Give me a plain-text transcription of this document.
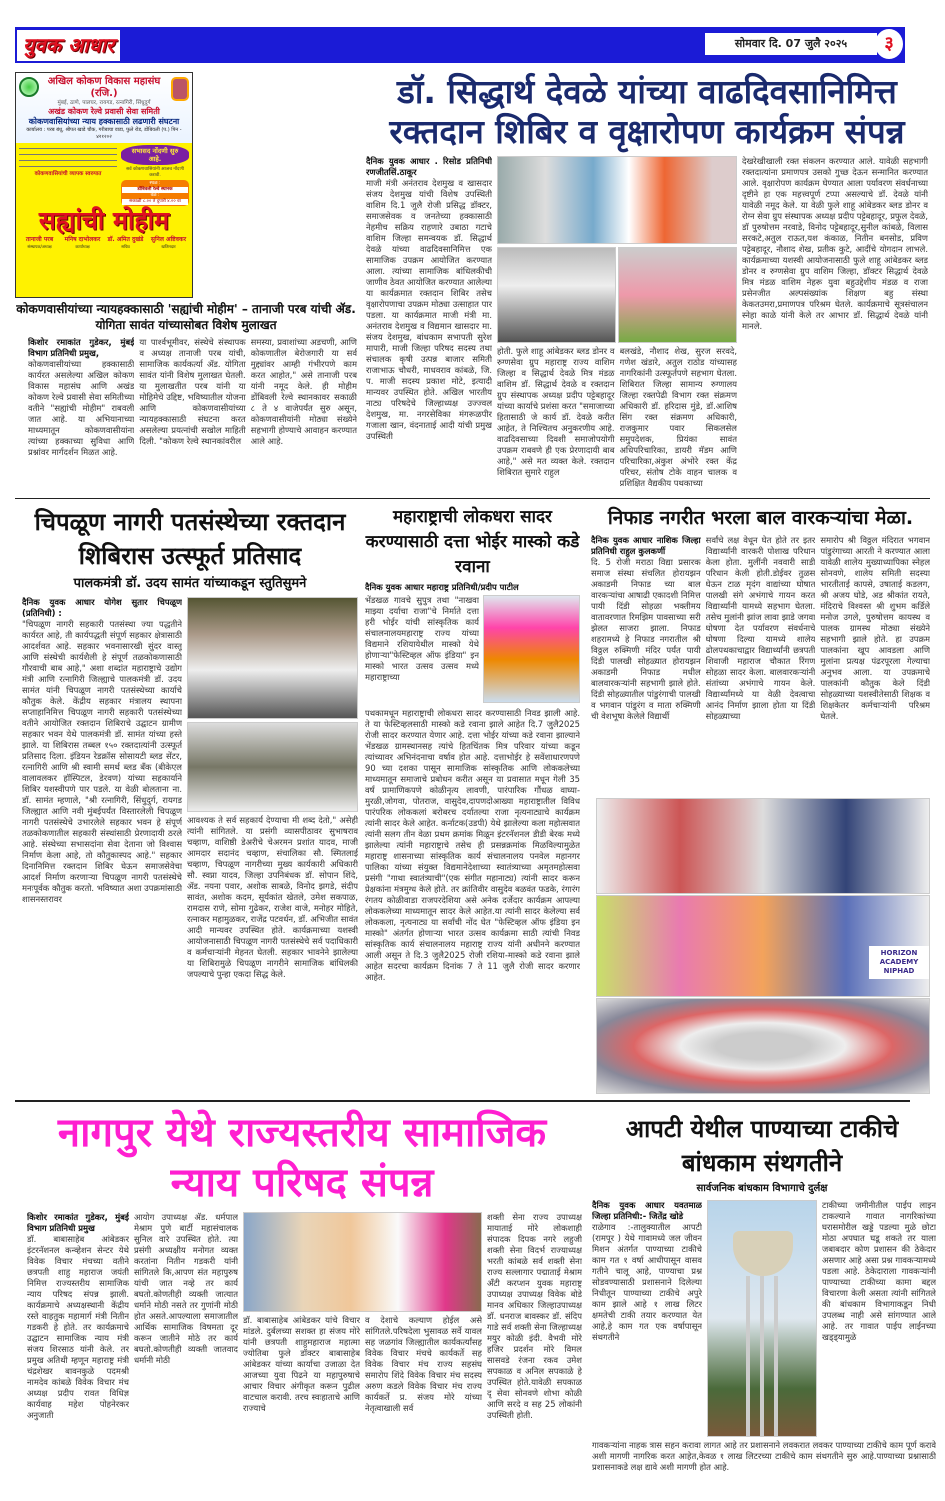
युवक आधार	सोमवार दि. 07 जुलै २०२५	३
अखिल कोकण विकास महासंघ (रजि.)
मुंबई, ठाणे, पालघर, रायगड, रत्नागिरी, सिंधुदुर्ग
अखंड कोकण रेल्वे प्रवासी सेवा समिती
कोकणवासियांच्या न्याय हक्कासाठी लढणारी संघटना
कार्यालय : परब बंधू, श्रीपत खाडे चौक, गरीबाचा वाडा, फुले रोड, डोंबिवली (प.) पिन - ४२१२०२
कोकणवासियांची व्यापक स्वरुपात
सभासद नोंदणी सुरु आहे.
सर्व कोकणवासियांनी आजच नोंदणी करावी.
स्थळ :
डोंबिवली रेल्वे स्थानक
वेळ :
सकाळी ८.०० ते दुपारी ४.०० वा
सह्यांची मोहीम
तानाजी परब
संस्थापक/अध्यक्ष
मनिष दाभोलकर
कार्याध्यक्ष
डॉ. अमित दुखंडे
सचिव
सुनिल अष्टिवकर
खजिनदार
कोकणवासीयांच्या न्यायहक्कासाठी 'सह्यांची मोहीम' – तानाजी परब यांची ॲड. योगिता सावंत यांच्यासोबत विशेष मुलाखत
किशोर रमाकांत गुडेकर, मुंबई विभाग प्रतिनिधी प्रमुख,
कोकणवासीयांच्या हक्कासाठी कार्यरत असलेल्या अखिल कोकण विकास महासंघ आणि अखंड कोकण रेल्वे प्रवासी सेवा समितीच्या वतीने "सह्यांची मोहीम" राबवली जात आहे. या अभियानाच्या माध्यमातून कोकणवासीयांना त्यांच्या हक्काच्या सुविधा आणि प्रश्नांवर मार्गदर्शन मिळत आहे.
या पार्श्वभूमीवर, संस्थेचे संस्थापक व अध्यक्ष तानाजी परब यांची, सामाजिक कार्यकर्त्या ॲड. योगिता सावंत यांनी विशेष मुलाखत घेतली. या मुलाखतीत परब यांनी या मोहिमेचे उद्दिष्ट, भविष्यातील योजना आणि कोकणवासीयांच्या न्यायहक्कासाठी संघटना करत असलेल्या प्रयत्नांची सखोल माहिती दिली. "कोकण रेल्वे स्थानकांवरील
समस्या, प्रवाशांच्या अडचणी, आणि कोकणातील बेरोजगारी या सर्व मुद्द्यांवर आम्ही गंभीरपणे काम करत आहोत," असे तानाजी परब यांनी नमूद केले. ही मोहीम डोंबिवली रेल्वे स्थानकावर सकाळी ८ ते ४ वाजेपर्यंत सुरु असून, कोकणवासीयांनी मोठ्या संख्येने सहभागी होण्याचे आवाहन करण्यात आले आहे.
डॉ. सिद्धार्थ देवळे यांच्या वाढदिवसानिमित्त रक्तदान शिबिर व वृक्षारोपण कार्यक्रम संपन्न
दैनिक युवक आधार . रिसोड प्रतिनिधी रणजीतसिं.ठाकूर
माजी मंत्री अनंतराव देशमुख व खासदार संजय देशमुख यांची विशेष उपस्थिती वाशिम दि.1 जुलै रोजी प्रसिद्ध डॉक्टर, समाजसेवक व जनतेच्या हक्कासाठी नेहमीच सक्रिय राहणारे उबाठा गटाचे वाशिम जिल्हा समन्वयक डॉ. सिद्धार्थ देवळे यांच्या वाढदिवसानिमित्त एक सामाजिक उपक्रम आयोजित करण्यात आला. त्यांच्या सामाजिक बांधिलकीची जाणीव ठेवत आयोजित करण्यात आलेल्या या कार्यक्रमात रक्तदान शिबिर तसेच वृक्षारोपणाचा उपक्रम मोठ्या उत्साहात पार पडला. या कार्यक्रमात माजी मंत्री मा. अनंतराव देशमुख व विद्यमान खासदार मा. संजय देशमुख, बांधकाम सभापती सुरेश मापारी, माजी जिल्हा परिषद सदस्य तथा संचालक कृषी उत्पन्न बाजार समिती राजाभाऊ चौधरी, माधवराव कांबळे, जि. प. माजी सदस्य प्रकाश मोटे, इत्यादी मान्यवर उपस्थित होते. अखिल भारतीय नाट्य परिषदेचे जिल्हाध्यक्ष उज्ज्वल देशमुख, मा. नगरसेविका मंगरूळपीर गजाला खान, वंदनाताई आदी यांची प्रमुख उपस्थिती
होती. फुले शाहू आंबेडकर ब्लड डोनर व रुग्णसेवा ग्रुप महाराष्ट्र राज्य वाशिम जिल्हा व सिद्धार्थ देवळे मित्र मंडळ वाशिम डॉ. सिद्धार्थ देवळे व रक्तदान ग्रुप संस्थापक अध्यक्ष प्रदीप पट्टेबहादूर यांच्या कार्याचे प्रशंसा करत "समाजाच्या हितासाठी जे कार्य डॉ. देवळे करीत आहेत, ते निश्चितच अनुकरणीय आहे. वाढदिवसाच्या दिवशी समाजोपयोगी उपक्रम राबवणे ही एक प्रेरणादायी बाब आहे," असे मत व्यक्त केले. रक्तदान शिबिरात सुमारे राहुल
बलखंडे, नौशाद शेख, सुरज सरवदे, गणेश खंडारे, अतुल राठोड यांच्यासह नागरिकांनी उत्स्फूर्तपणे सहभाग घेतला. शिबिरात जिल्हा सामान्य रुग्णालय जिल्हा रक्तपेढी विभाग रक्त संक्रमण अधिकारी डॉ. हरिदास मुंडे, डॉ.आशिष सिंग रक्त संक्रमण अधिकारी, राजकुमार पवार सिकलसेल समुपदेशक, प्रियंका सावंत अधिपरिचारिका, डायरी मॅडम आणि परिचारिका,अंकुश अंभोरे रक्त केंद्र परिचर, संतोष टोके वाहन चालक व प्रशिक्षित वैद्यकीय पथकाच्या
देखरेखीखाली रक्त संकलन करण्यात आले. यावेळी सहभागी रक्तदात्यांना प्रमाणपत्र उसको गुच्छ देऊन सन्मानित करण्यात आले. वृक्षारोपण कार्यक्रम घेण्यात आला पर्यावरण संवर्धनाच्या दृष्टीने हा एक महत्त्वपूर्ण टप्पा असल्याचे डॉ. देवळे यांनी यावेळी नमूद केले. या वेळी फुले शाहू आंबेडकर ब्लड डोनर व रोग्न सेवा ग्रुप संस्थापक अध्यक्ष प्रदीप पट्टेबहादूर, प्रफुल देवळे, डॉ पुरुषोत्तम नरवाडे, विनोद पट्टेबहादूर,सुनील कांबळे, विलास सरकटे,अतुल राऊत,यश कंकाळ, नितीन बनसोड, प्रविण पट्टेबहादूर, नौशाद शेख, प्रतीक कुटे, आदींचे योगदान लाभले. कार्यक्रमाच्या यशस्वी आयोजनासाठी फुले शाहू आंबेडकर ब्लड डोनर व रुग्णसेवा ग्रुप वाशिम जिल्हा, डॉक्टर सिद्धार्थ देवळे मित्र मंडळ वाशिम नेहरू युवा बहुउद्देशीय मंडळ व राजा प्रसेनजीत अल्पसंख्यांक शिक्षण बहु संस्था केकतउमरा,प्रमाणपत्र परिश्रम घेतले. कार्यक्रमाचे सूत्रसंचालन स्नेहा काळे यांनी केले तर आभार डॉ. सिद्धार्थ देवळे यांनी मानले.
चिपळूण नागरी पतसंस्थेच्या रक्तदान शिबिरास उत्स्फूर्त प्रतिसाद
पालकमंत्री डॉ. उदय सामंत यांच्याकडून स्तुतिसुमने
दैनिक युवक आधार योगेश सुतार चिपळूण (प्रतिनिधी) :
"चिपळूण नागरी सहकारी पतसंस्था ज्या पद्धतीने कार्यरत आहे, ती कार्यपद्धती संपूर्ण सहकार क्षेत्रासाठी आदर्शवत आहे. सहकार भवनासारखी सुंदर वास्तू आणि संस्थेची कार्यशैली हे संपूर्ण तळकोकणासाठी गौरवाची बाब आहे," अशा शब्दांत महाराष्ट्राचे उद्योग मंत्री आणि रत्नागिरी जिल्ह्याचे पालकमंत्री डॉ. उदय सामंत यांनी चिपळूण नागरी पतसंस्थेच्या कार्याचे कौतुक केले. केंद्रीय सहकार मंत्रालय स्थापना सप्ताहानिमित्त चिपळूण नागरी सहकारी पतसंस्थेच्या वतीने आयोजित रक्तदान शिबिराचे उद्घाटन ग्रामीण सहकार भवन येथे पालकमंत्री डॉ. सामंत यांच्या हस्ते झाले. या शिबिरास तब्बल १५० रक्तदात्यांनी उत्स्फूर्त प्रतिसाद दिला. इंडियन रेडक्रॉस सोसायटी ब्लड सेंटर, रत्नागिरी आणि श्री स्वामी समर्थ ब्लड बँक (बीकेएल वालावलकर हॉस्पिटल, डेरवण) यांच्या सहकार्याने शिबिर यशस्वीपणे पार पडले. या वेळी बोलताना ना. डॉ. सामंत म्हणाले, "श्री रत्नागिरी, सिंधुदुर्ग, रायगड जिल्ह्यात आणि नवी मुंबईपर्यंत विस्तारलेली चिपळूण नागरी पतसंस्थेचे उभारलेले सहकार भवन हे संपूर्ण तळकोकणातील सहकारी संस्थांसाठी प्रेरणादायी ठरले आहे. संस्थेच्या सभासदांना सेवा देताना जो विश्वास निर्माण केला आहे, तो कौतुकास्पद आहे." सहकार दिनानिमित्त रक्तदान शिबिर घेऊन समाजसेवेचा आदर्श निर्माण करणाऱ्या चिपळूण नागरी पतसंस्थेचे मनःपूर्वक कौतुक करतो. भविष्यात अशा उपक्रमांसाठी शासनस्तरावर
आवश्यक ते सर्व सहकार्य देण्याचा मी शब्द देतो," असेही त्यांनी सांगितले. या प्रसंगी व्यासपीठावर सुभाषराव चव्हाण, वाशिष्ठी डेअरीचे चेअरमन प्रशांत यादव, माजी आमदार सदानंद चव्हाण, संचालिका सौ. स्मितलाई चव्हाण, चिपळूण नागरीच्या मुख्य कार्यकारी अधिकारी सौ. स्वप्ना यादव, जिल्हा उपनिबंधक डॉ. सोपान शिंदे, ॲड. नयना पवार, अशोक साबळे, विनोद झगडे, संदीप सावंत, अशोक कदम, सूर्यकांत खेतले, उमेश सकपाळ, रामदास राणे, सोमा गुढेकर, राजेश वाजे, मनोहर मोहिते, रत्नाकर महामुळकर, राजेंद्र पटवर्धन, डॉ. अभिजीत सावंत आदी मान्यवर उपस्थित होते. कार्यक्रमाच्या यशस्वी आयोजनासाठी चिपळूण नागरी पतसंस्थेचे सर्व पदाधिकारी व कर्मचाऱ्यांनी मेहनत घेतली. सहकार भावनेने झालेल्या या शिबिरामुळे चिपळूण नागरीने सामाजिक बांधिलकी जपल्याचे पुन्हा एकदा सिद्ध केले.
महाराष्ट्राची लोकधरा सादर करण्यासाठी दत्ता भोईर मास्को कडे रवाना
दैनिक युवक आधार महाराष्ट्र प्रतिनिधी/प्रदीप पाटील
भेंडखळ गावचे सुपुत्र तथा "नाखवा माझ्या दर्याचा राजा"चे निर्माते दत्ता हरी भोईर यांची सांस्कृतिक कार्य संचालनालयमहाराष्ट्र राज्य यांच्या विद्यमाने रशियायेथील मास्को येथे होणाऱ्या"फेस्टिव्हल ऑफ इंडिया" इन मास्को भारत उत्सव उत्सव मध्ये महाराष्ट्राच्या
पथकामधून महाराष्ट्राची लोकधरा सादर करण्यासाठी निवड झाली आहे. ते या फेस्टिव्हलसाठी मास्को कडे रवाना झाले आहेत दि.7 जुलै2025 रोजी सादर करण्यात येणार आहे. दत्ता भोईर यांच्या कडे रवाना झाल्याने भेंडखळ ग्रामस्थानसह त्यांचे हितचिंतक मित्र परिवार यांच्या कडून त्यांच्यावर अभिनंदनाचा वर्षाव होत आहे. दत्ताभोईर हे सवेंशाधारणपणे 90 च्या दशका पासून सामाजिक सांस्कृतिक आणि लोककलेच्या माध्यमातून समाजाचे प्रबोधन करीत असून या प्रवासात मधून गेली 35 वर्षं प्रामाणिकपणे कोळीनृत्य लावणी, पारंपारिक गौंधळ वाघ्या-मुरळी,जोगवा, पोतराज, वासुदेव,दापणदोआख्या महाराष्ट्रातील विविध पारंपरिक लोककलां बरोबरच दर्यातल्या राजा नृत्यनाट्याचे कार्यक्रम त्यांनी सादर केले आहेत. कर्नाटक(उडपी) येथे झालेल्या कला महोत्सवात त्यांनी सलग तीन वेळा प्रथम क्रमांक मिळून इंटरनॅशनल डीडी बेरक मध्ये झालेल्या त्यांनी महाराष्ट्राचे तसेच ही प्रसन्नक्रमांक मिळविल्यामुळेत महाराष्ट्र शासनाच्या सांस्कृतिक कार्य संचालनालय पनवेल महानगर पालिका यांच्या संयुक्त विद्यमानेदेशाच्या स्वातंत्र्याच्या अमृतमहोत्सवा प्रसंगी "गाथा स्वातंत्र्याची"(एक संगीत महानाट्य) त्यांनी सादर करून प्रेक्षकांना मंत्रमुग्ध केले होते. तर क्रांतिवीर वासुदेव बळवंत फडके, रंगारंग रंगतय कोळीवाडा राजपरदेशिया असे अनेक दर्जेदार कार्यक्रम आपल्या लोककलेच्या माध्यमातून सादर केले आहेत.या त्यांनी सादर केलेल्या सर्व लोककला, नृत्यनाट्य या सर्वांची नोंद घेत "फेस्टिव्हल ऑफ इंडिया इन मास्को" अंतर्गत होणाऱ्या भारत उत्सव कार्यक्रमा साठी त्यांची निवड सांस्कृतिक कार्य संचालनालय महाराष्ट्र राज्य यांनी अधीनने करण्यात आली असून ते दि.3 जुलै2025 रोजी रशिया-मास्को कडे रवाना झाले आहेत सदरचा कार्यक्रम दिनांक 7 ते 11 जुलै रोजी सादर करणार आहेत.
निफाड नगरीत भरला बाल वारकऱ्यांचा मेळा.
दैनिक युवक आधार नाशिक जिल्हा प्रतिनिधी राहुल कुलकर्णी
दि. 5 रोजी मराठा विद्या प्रसारक समाज संस्था संचलित होरायझन अकाडमी निफाड च्या बाल वारकऱ्यांचा आषाढी एकादशी निमित्त पायी दिंडी सोहळा भक्तीमय वातावरणात रिमझिम पावसाच्या सरी झेलत साजरा झाला. निफाड शहरामध्ये हे निफाड नगरातील श्री विठ्ठल रुक्मिणी मंदिर पर्यंत पायी दिंडी पालखी सोहळ्यात होरायझन अकाडमी निफाड मधील बालवारकऱ्यांनी सहभागी झाले होते. दिंडी सोहळ्यातील पांडुरंगाची पालखी व भगवान पांडुरंग व माता रुक्मिणी ची वेशभूषा केलेले विद्यार्थी
सर्वांचे लक्ष वेधून घेत होते तर इतर विद्यार्थ्यांनी वारकरी पोशाख परिधान केला होता. मुलींनी नववारी साडी परिधान केली होती.डोईवर तुळस घेऊन टाळ मृदंग वाद्यांच्या घोषात पालखी संगे अभंगाचे गायन करत विद्यार्थ्यांनी यामध्ये सहभाग घेतला. तसेच मुलांनी झांज लावा झाडे जगवा घोषणा देत पर्यावरण संवर्धनाचे घोषणा दिल्या यामध्ये शालेय ढोलपथकाचाद्वार विद्यार्थ्यांनी छत्रपती शिवाजी महाराज चौकात रिंगण सोहळा सादर केला. बालवारकऱ्यांनी संतांच्या अभंगाचे गायन केले. विद्यार्थ्यांमध्ये या वेळी देवत्वाचा आनंद निर्माण झाला होता या दिंडी सोहळ्याच्या
समारोप श्री विठ्ठल मंदिरात भगवान पांडुरंगाच्या आरती ने करण्यात आला यावेळी शालेय मुख्याध्यापिका स्नेहल सोनवणे, शालेय समिती सदस्या भारतीताई कापसे, उषाताई कडलग, श्री अजय घोडे, अड श्रीकांत रायते, मंदिराचे विश्वस्त श्री शुभम कर्डिले मनोज उगले, पुरुषोत्तम कायस्थ व पालक ग्रामस्थ मोठ्या संख्येने सहभागी झाले होते. हा उपक्रम पालकांना खूप आवडला आणि मुलांना प्रत्यक्ष पंढरपूरला गेल्याचा अनुभव आला. या उपक्रमाचे पालकांनी कौतुक केले दिंडी सोहळ्याच्या यशस्वीतेसाठी शिक्षक व शिक्षकेतर कर्मचाऱ्यांनी परिश्रम घेतले.
HORIZON ACADEMY NIPHAD
नागपुर येथे राज्यस्तरीय सामाजिक न्याय परिषद संपन्न
किशोर रमाकांत गुडेकर, मुंबई विभाग प्रतिनिधी प्रमुख
डॉ. बाबासाहेब आंबेडकर इंटरनॅशनल कन्व्हेशन सेन्टर येथे विवेक विचार मंचच्या वतीने छत्रपती शाहु महाराज जयंती निमित्त राज्यस्तरीय सामाजिक न्याय परिषद संपन्न झाली. कार्यक्रमाचे अध्यक्षस्थानी केंद्रीय रस्ते वाहतुक महामार्ग मंत्री नितीन गडकरी हे होते. तर कार्यक्रमाचे उद्घाटन सामाजिक न्याय मंत्री संजय शिरसाठ यांनी केले. तर प्रमुख अतिथी म्हणून महाराष्ट्र मंत्री चंद्रशेखर बावनकुळे पदमश्री नामदेव कांबळे विवेक विचार मंच अध्यक्ष प्रदीप रावत विधिज्ञ कार्यवाह महेश पोहनेरकर अनुजाती
आयोग उपाध्यक्ष ॲड. धर्मपाल मेश्राम पुणे बार्टी महासंचालक सुनिल वारे उपस्थित होते. त्या प्रसंगी अध्यक्षीय मनोगत व्यक्त करतांना नितीन गडकरी यांनी सांगितले कि,आपण संत महापुरुष यांची जात नव्हे तर कार्य बघतो.कोणतीही व्यक्ती जात्यात धर्माने मोठी नसते तर गुणांनी मोठी होत असते.आपल्याला समाजातील आर्थिक सामाजिक विषमता दूर करून जातीने मोठे तर कार्य बघतो.कोणतीही व्यक्ती जातवाद धर्मानी मोठी
डॉ. बाबासाहेब आंबेडकर यांचे विचार मांडले. दुर्बलच्या सशक्त हा संजय मोरे यांनी छत्रपती शाहुमहाराज महात्मा ज्योतिबा फुले डॉक्टर बाबासाहेब आंबेडकर यांच्या कार्याचा उजाळा देत आजच्या युवा पिढने या महापुरुषाचे आचार विचार अंगीकृत करून पुढील वाटचाल करावी. तरच स्वःहाताचे आणि राज्याचे
व देशाचे कल्याण होईल असे सांगितले.परिषदेला भुसावळ सर्वे यावल सह जळगांव जिल्ह्यातील कार्यकर्त्यांसह विवेक विचार मंचचे कार्यकर्ते सह विवेक विचार मंच राज्य सहसंघ समारोप शिंदे विवेक विचार मंच सदस्य अरुण कडले विवेक विचार मंच राज्य कार्यकर्ते प्र. संजय मोरे यांच्या नेतृत्वाखाली सर्व
शक्ती सेना राज्य उपाध्यक्ष मायाताई मोरे लोकशाही संपादक दिपक नगरे लहुजी शक्ती सेना विदर्भ राज्याध्यक्ष भरती कांबळे सर्व शक्ती सेना राज्य सल्लागार पद्माताई मेश्राम अँटी करप्शन युवक महाराष्ट्र उपाध्यक्ष उपाध्यक्ष विवेक बोडे मानव अधिकार जिल्हाउपाध्यक्ष डॉ. धनराज बावस्कर डॉ. संदिप गाडे सर्व शक्ती सेना जिल्हाध्यक्ष मयुर कोळी इंदी. वैभवी मोरे हजिर प्रदर्शन मोरे विमल सासवडे रंजना रकव उमेश सपकाळ व अनिल सपकाळे हे उपस्थित होते.यावेळी सपकाळ दृ सेवा सोनवणे शोभा कोळी आणि सरदे व सह 25 लोकांनी उपस्थिती होती.
आपटी येथील पाण्याच्या टाकीचे बांधकाम संथगतीने
सार्वजनिक बांधकाम विभागाचे दुर्लक्ष
दैनिक युवक आधार यवतमाळ जिल्हा प्रतिनिधी:- जितेंद्र खोडे
राळेगाव :-तालुक्यातील आपटी (रामपूर ) येथे गावामध्ये जल जीवन मिशन अंतर्गत पाण्याच्या टाकीचे काम गत १ वर्षा आधीपासून वासव गतीने चालू आहे, पाण्याचा प्रश्न सोडवण्यासाठी प्रशासनाने दिलेल्या निधीतून पाण्याच्या टाकीचे अपुरे काम झाले आहे १ लाख लिटर क्षमतेची टाकी तयार करण्यात येत आहे,हे काम गत एक वर्षापासून संथगतीने
टाकीच्या जमीनीतील पाईप लाइन टाकल्याने गावात नागरिकांच्या घरासमोरील खड्डे पडल्या मुळे छोटा मोठा अपघात घडू शकते तर याला जबाबदार कोण प्रशासन की ठेकेदार असणार आहे असा प्रश्न गावकऱ्यामध्ये पडला आहे. ठेकेदाराला गावकऱ्यांनी पाण्याच्या टाकीच्या कामा बद्दल विचारणा केली असता त्यांनी सांगितले की बांधकाम विभागाकडून निधी उपलब्ध नाही असे सांगण्यात आले आहे. तर गावात पाईप लाईनच्या खड्ड्यामुळे
गावकऱ्यांना नाहक त्रास सहन करावा लागत आहे तर प्रशासनाने लवकरात लवकर पाण्याच्या टाकीचे काम पूर्ण करावे अशी मागणी नागरिक करत आहेत,केवळ १ लाख लिटरच्या टाकीचे काम संथगतीने सुरु आहे.पाण्याच्या प्रश्नासाठी प्रशासनाकडे लक्ष द्यावे अशी मागणी होत आहे.
